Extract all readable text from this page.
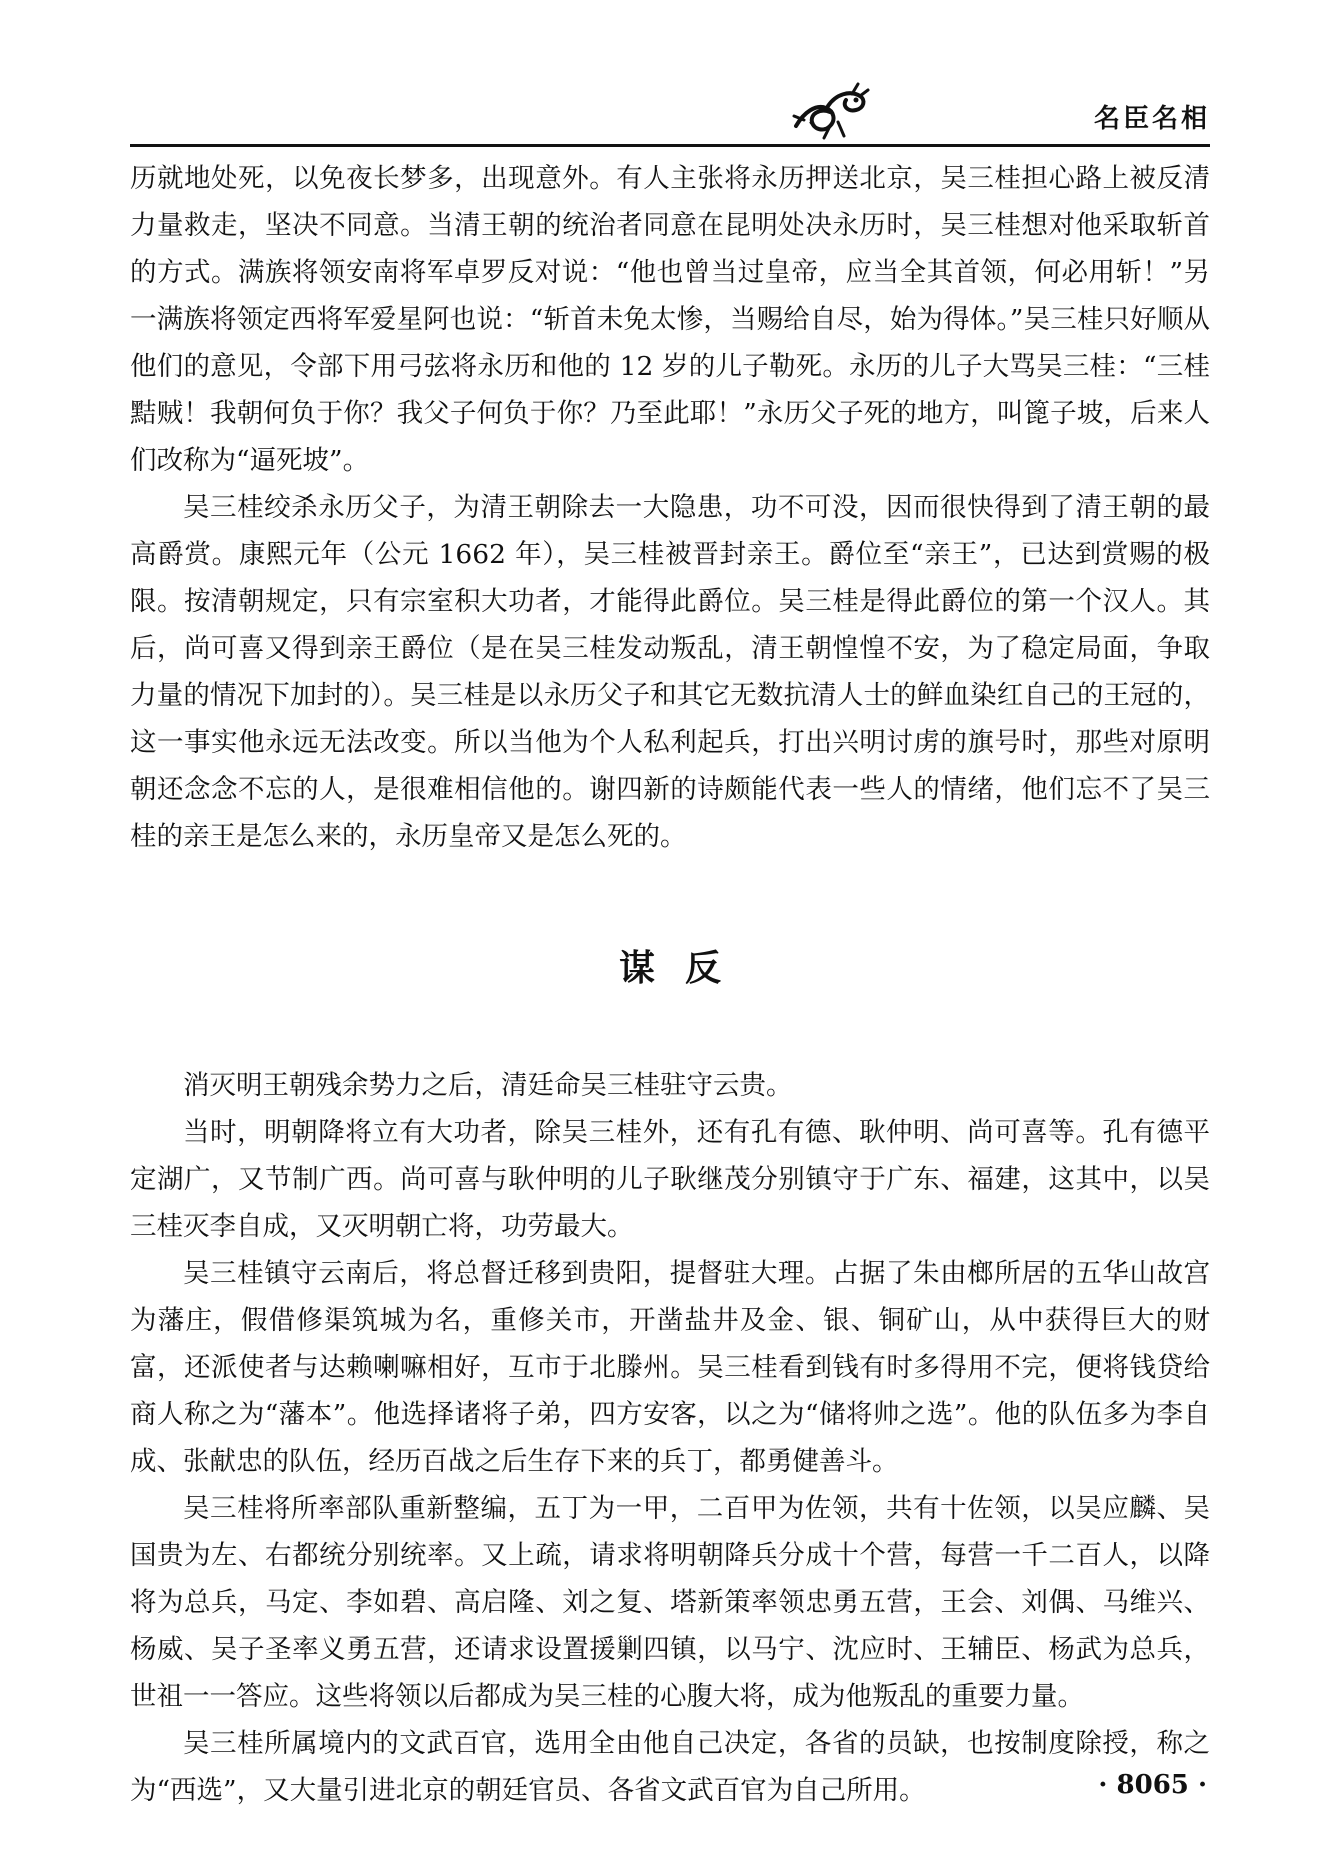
名臣名相

历就地处死，以免夜长梦多，出现意外。有人主张将永历押送北京，吴三桂担心路上被反清力量救走，坚决不同意。当清王朝的统治者同意在昆明处决永历时，吴三桂想对他采取斩首的方式。满族将领安南将军卓罗反对说：“他也曾当过皇帝，应当全其首领，何必用斩！”另一满族将领定西将军爱星阿也说：“斩首未免太惨，当赐给自尽，始为得体。”吴三桂只好顺从他们的意见，令部下用弓弦将永历和他的 12 岁的儿子勒死。永历的儿子大骂吴三桂：“三桂黠贼！我朝何负于你？我父子何负于你？乃至此耶！”永历父子死的地方，叫篦子坡，后来人们改称为“逼死坡”。

吴三桂绞杀永历父子，为清王朝除去一大隐患，功不可没，因而很快得到了清王朝的最高爵赏。康熙元年（公元 1662 年），吴三桂被晋封亲王。爵位至“亲王”，已达到赏赐的极限。按清朝规定，只有宗室积大功者，才能得此爵位。吴三桂是得此爵位的第一个汉人。其后，尚可喜又得到亲王爵位（是在吴三桂发动叛乱，清王朝惶惶不安，为了稳定局面，争取力量的情况下加封的）。吴三桂是以永历父子和其它无数抗清人士的鲜血染红自己的王冠的，这一事实他永远无法改变。所以当他为个人私利起兵，打出兴明讨虏的旗号时，那些对原明朝还念念不忘的人，是很难相信他的。谢四新的诗颇能代表一些人的情绪，他们忘不了吴三桂的亲王是怎么来的，永历皇帝又是怎么死的。

谋反

消灭明王朝残余势力之后，清廷命吴三桂驻守云贵。

当时，明朝降将立有大功者，除吴三桂外，还有孔有德、耿仲明、尚可喜等。孔有德平定湖广，又节制广西。尚可喜与耿仲明的儿子耿继茂分别镇守于广东、福建，这其中，以吴三桂灭李自成，又灭明朝亡将，功劳最大。

吴三桂镇守云南后，将总督迁移到贵阳，提督驻大理。占据了朱由榔所居的五华山故宫为藩庄，假借修渠筑城为名，重修关市，开凿盐井及金、银、铜矿山，从中获得巨大的财富，还派使者与达赖喇嘛相好，互市于北滕州。吴三桂看到钱有时多得用不完，便将钱贷给商人称之为“藩本”。他选择诸将子弟，四方安客，以之为“储将帅之选”。他的队伍多为李自成、张献忠的队伍，经历百战之后生存下来的兵丁，都勇健善斗。

吴三桂将所率部队重新整编，五丁为一甲，二百甲为佐领，共有十佐领，以吴应麟、吴国贵为左、右都统分别统率。又上疏，请求将明朝降兵分成十个营，每营一千二百人，以降将为总兵，马定、李如碧、高启隆、刘之复、塔新策率领忠勇五营，王会、刘偶、马维兴、杨威、吴子圣率义勇五营，还请求设置援剿四镇，以马宁、沈应时、王辅臣、杨武为总兵，世祖一一答应。这些将领以后都成为吴三桂的心腹大将，成为他叛乱的重要力量。

吴三桂所属境内的文武百官，选用全由他自己决定，各省的员缺，也按制度除授，称之为“西选”，又大量引进北京的朝廷官员、各省文武百官为自己所用。	· 8065 ·
